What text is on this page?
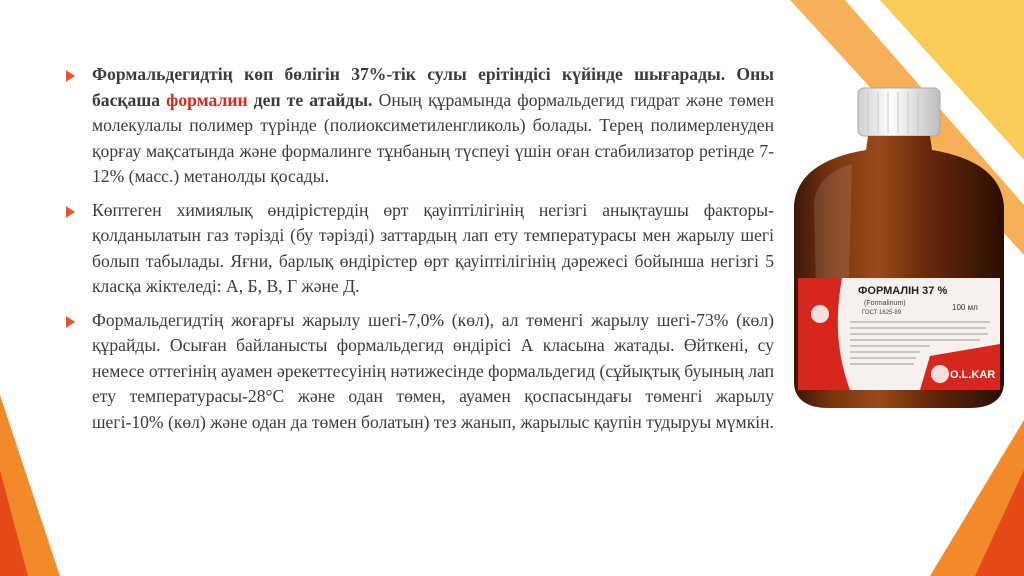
Формальдегидтің көп бөлігін 37%-тік сулы ерітіндісі күйінде шығарады. Оны басқаша формалин деп те атайды. Оның құрамында формальдегид гидрат және төмен молекулалы полимер түрінде (полиоксиметиленгликоль) болады. Терең полимерленуден қорғау мақсатында және формалинге тұнбаның түспеуі үшін оған стабилизатор ретінде 7-12% (масс.) метанолды қосады.
Көптеген химиялық өндірістердің өрт қауіптілігінің негізгі анықтаушы факторы-қолданылатын газ тәрізді (бу тәрізді) заттардың лап ету температурасы мен жарылу шегі болып табылады. Яғни, барлық өндірістер өрт қауіптілігінің дәрежесі бойынша негізгі 5 класқа жіктеледі: А, Б, В, Г және Д.
Формальдегидтің жоғарғы жарылу шегі-7,0% (көл), ал төменгі жарылу шегі-73% (көл) құрайды. Осыған байланысты формальдегид өндірісі А класына жатады. Өйткені, су немесе оттегінің ауамен әрекеттесуінің нәтижесінде формальдегид (сұйықтық буының лап ету температурасы-28°С және одан төмен, ауамен қоспасындағы төменгі жарылу шегі-10% (көл) және одан да төмен болатын) тез жанып, жарылыс қаупін тудыруы мүмкін.
ФОРМАЛІН 37 %
(Formalinum)
ГОСТ 1625-89
100 мл
O.L.KAR
